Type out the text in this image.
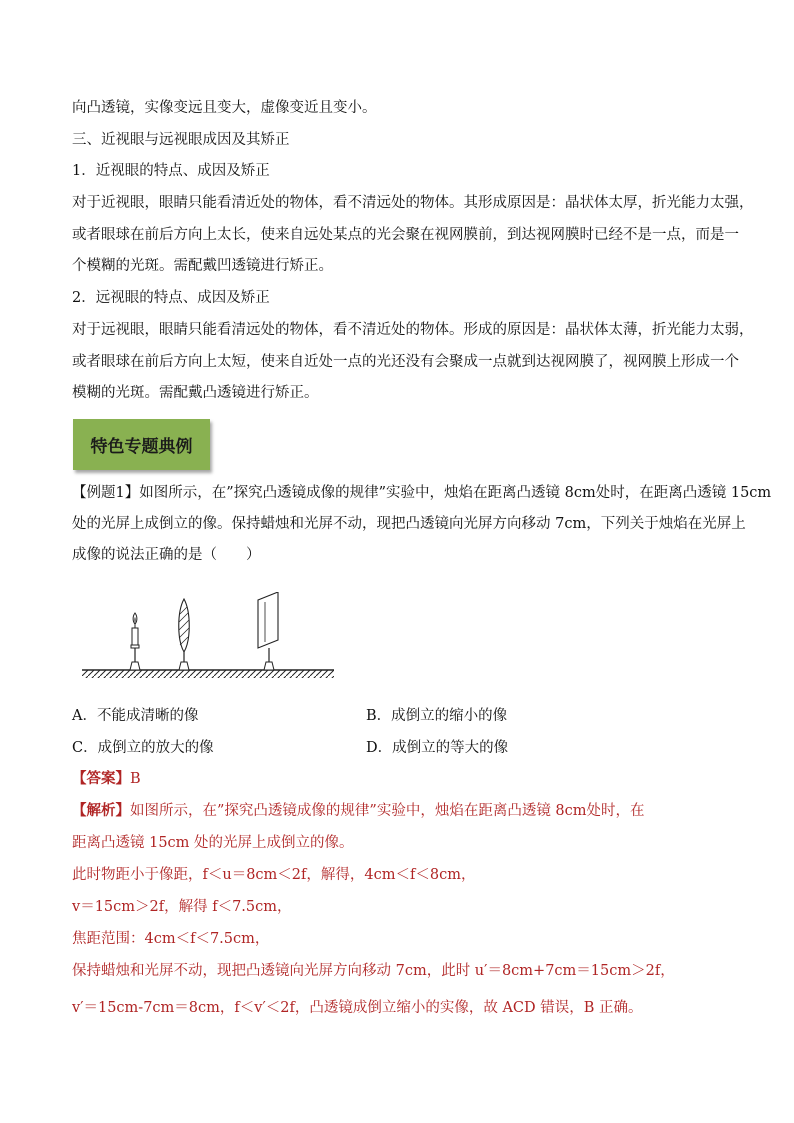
向凸透镜，实像变远且变大，虚像变近且变小。
三、近视眼与远视眼成因及其矫正
1．近视眼的特点、成因及矫正
对于近视眼，眼睛只能看清近处的物体，看不清远处的物体。其形成原因是：晶状体太厚，折光能力太强，
或者眼球在前后方向上太长，使来自远处某点的光会聚在视网膜前，到达视网膜时已经不是一点，而是一
个模糊的光斑。需配戴凹透镜进行矫正。
2．远视眼的特点、成因及矫正
对于远视眼，眼睛只能看清远处的物体，看不清近处的物体。形成的原因是：晶状体太薄，折光能力太弱，
或者眼球在前后方向上太短，使来自近处一点的光还没有会聚成一点就到达视网膜了，视网膜上形成一个
模糊的光斑。需配戴凸透镜进行矫正。
特色专题典例
【例题1】如图所示，在”探究凸透镜成像的规律”实验中，烛焰在距离凸透镜 8cm处时，在距离凸透镜 15cm
处的光屏上成倒立的像。保持蜡烛和光屏不动，现把凸透镜向光屏方向移动 7cm，下列关于烛焰在光屏上
成像的说法正确的是（　　）
A．不能成清晰的像	B．成倒立的缩小的像
C．成倒立的放大的像	D．成倒立的等大的像
【答案】B
【解析】如图所示，在”探究凸透镜成像的规律”实验中，烛焰在距离凸透镜 8cm处时，在
距离凸透镜 15cm 处的光屏上成倒立的像。
此时物距小于像距，f＜u＝8cm＜2f，解得，4cm＜f＜8cm，
v＝15cm＞2f，解得 f＜7.5cm，
焦距范围：4cm＜f＜7.5cm，
保持蜡烛和光屏不动，现把凸透镜向光屏方向移动 7cm，此时 u′＝8cm+7cm＝15cm＞2f，
v′＝15cm-7cm＝8cm，f＜v′＜2f，凸透镜成倒立缩小的实像，故 ACD 错误，B 正确。
